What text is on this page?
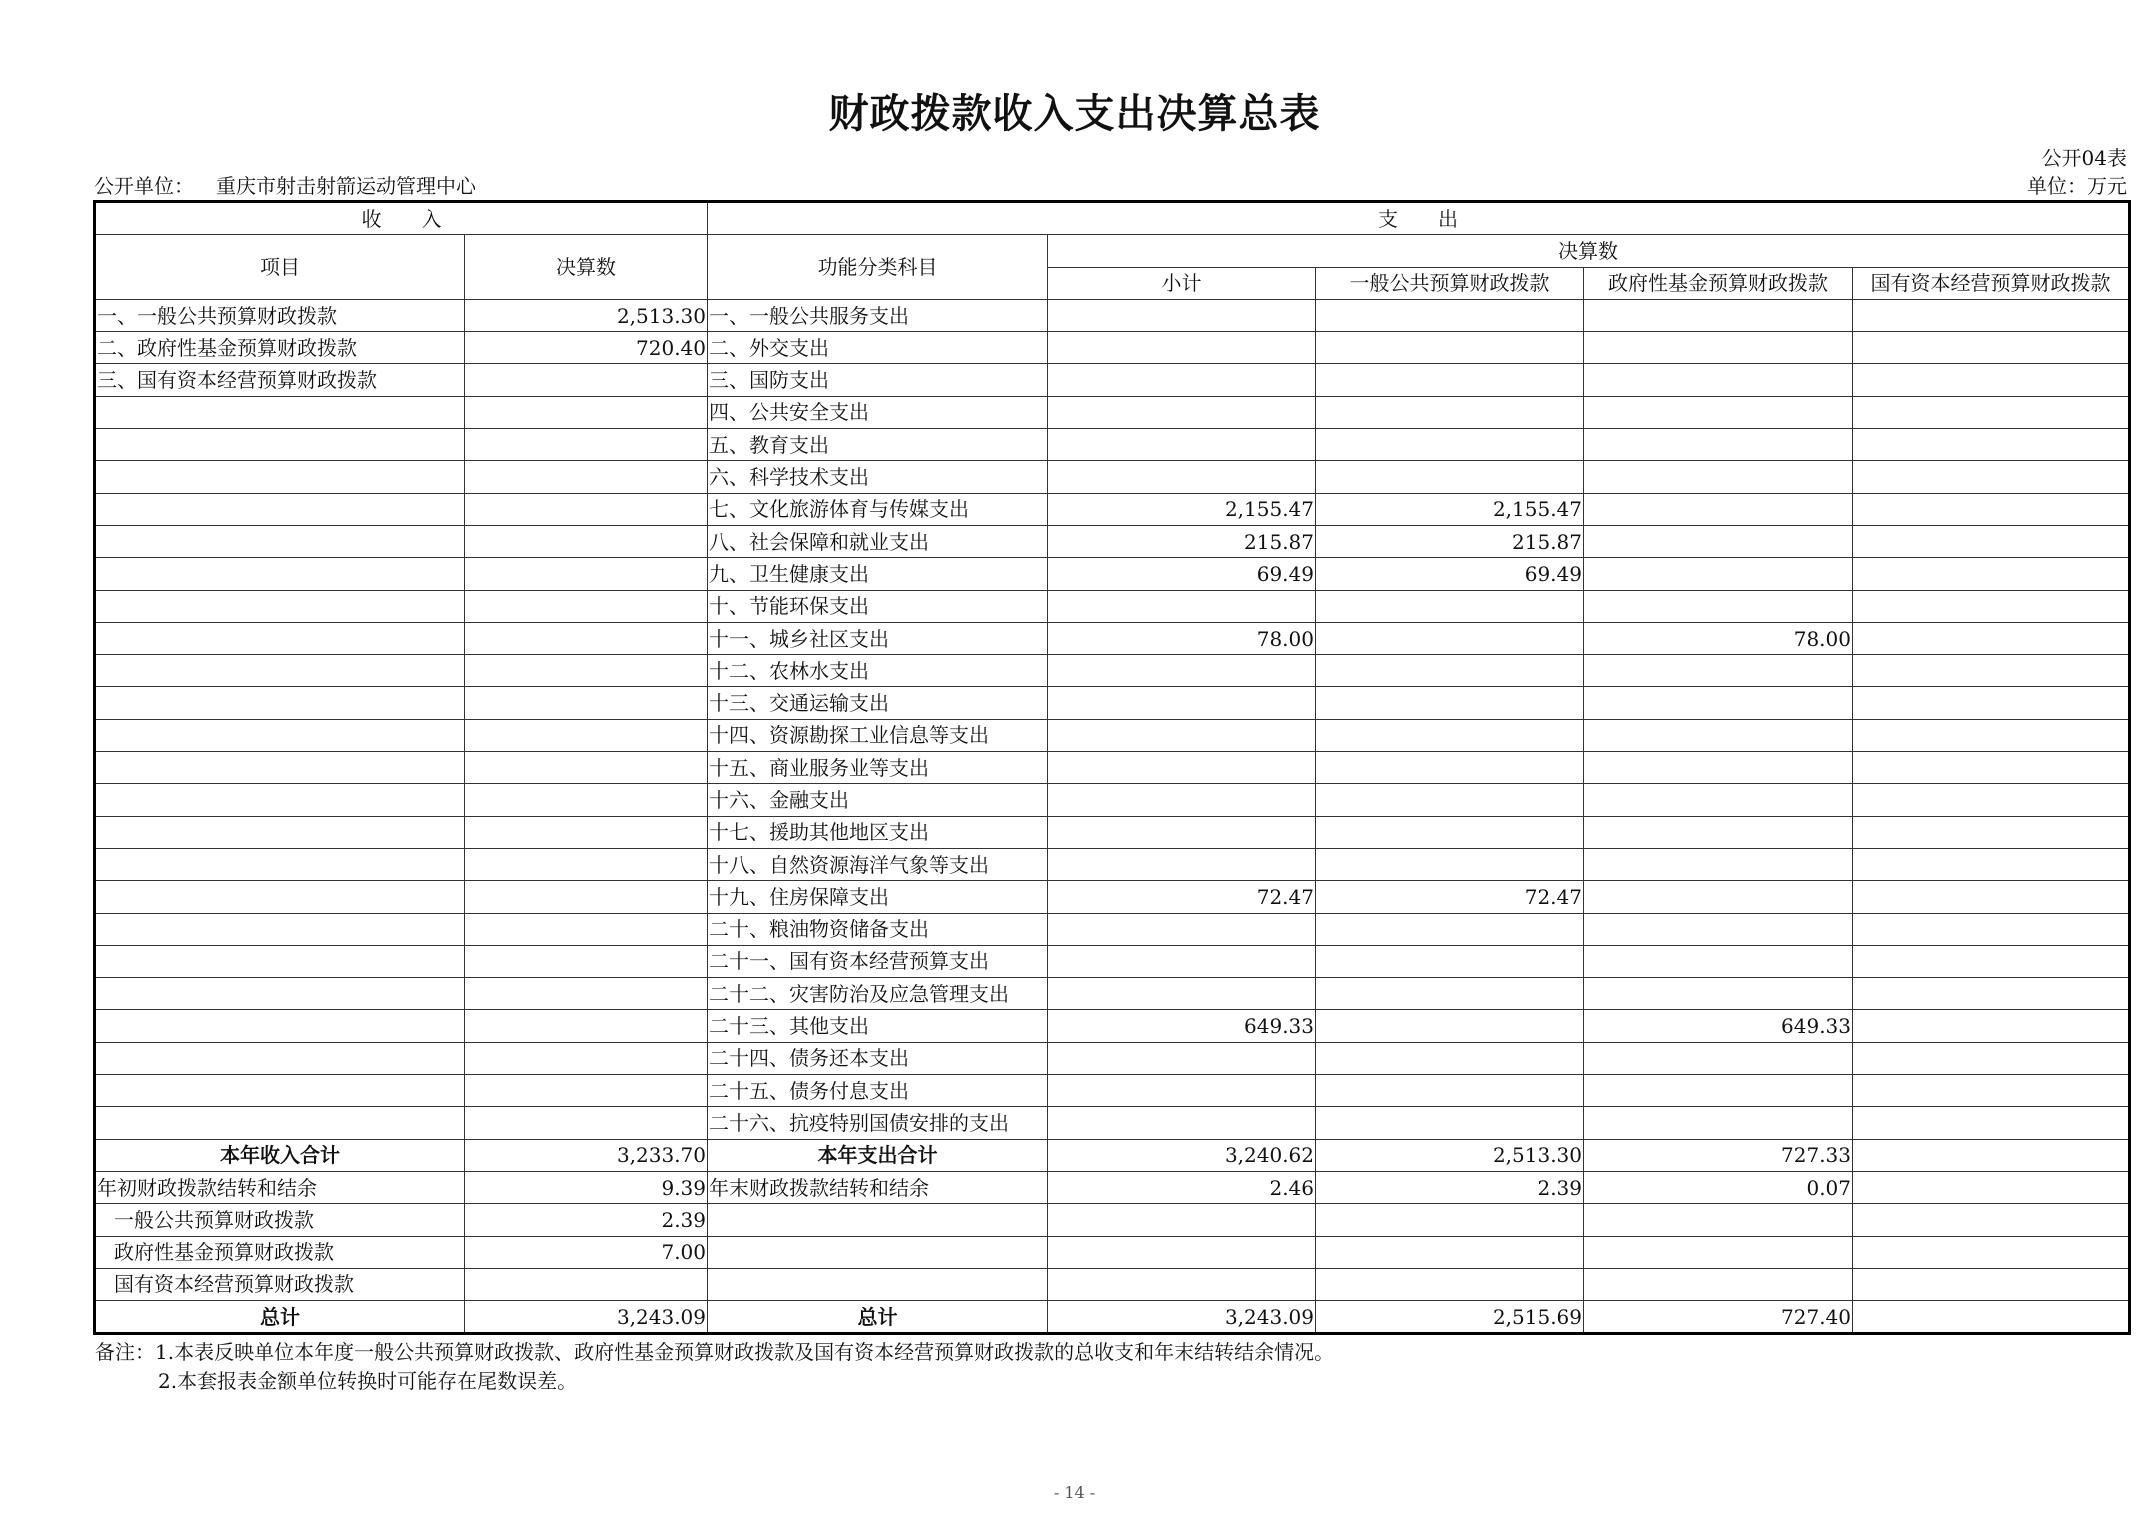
财政拨款收入支出决算总表
公开04表
公开单位： 重庆市射击射箭运动管理中心	单位：万元
收　　入		支　　出				
项目	决算数	功能分类科目	决算数			
			小计	一般公共预算财政拨款	政府性基金预算财政拨款	国有资本经营预算财政拨款
一、一般公共预算财政拨款	2,513.30	一、一般公共服务支出				
二、政府性基金预算财政拨款	720.40	二、外交支出				
三、国有资本经营预算财政拨款		三、国防支出				
		四、公共安全支出				
		五、教育支出				
		六、科学技术支出				
		七、文化旅游体育与传媒支出	2,155.47	2,155.47		
		八、社会保障和就业支出	215.87	215.87		
		九、卫生健康支出	69.49	69.49		
		十、节能环保支出				
		十一、城乡社区支出	78.00		78.00	
		十二、农林水支出				
		十三、交通运输支出				
		十四、资源勘探工业信息等支出				
		十五、商业服务业等支出				
		十六、金融支出				
		十七、援助其他地区支出				
		十八、自然资源海洋气象等支出				
		十九、住房保障支出	72.47	72.47		
		二十、粮油物资储备支出				
		二十一、国有资本经营预算支出				
		二十二、灾害防治及应急管理支出				
		二十三、其他支出	649.33		649.33	
		二十四、债务还本支出				
		二十五、债务付息支出				
		二十六、抗疫特别国债安排的支出				
本年收入合计	3,233.70	本年支出合计	3,240.62	2,513.30	727.33	
年初财政拨款结转和结余	9.39	年末财政拨款结转和结余	2.46	2.39	0.07	
一般公共预算财政拨款	2.39					
政府性基金预算财政拨款	7.00					
国有资本经营预算财政拨款						
总计	3,243.09	总计	3,243.09	2,515.69	727.40	
备注：1.本表反映单位本年度一般公共预算财政拨款、政府性基金预算财政拨款及国有资本经营预算财政拨款的总收支和年末结转结余情况。
2.本套报表金额单位转换时可能存在尾数误差。
- 14 -
